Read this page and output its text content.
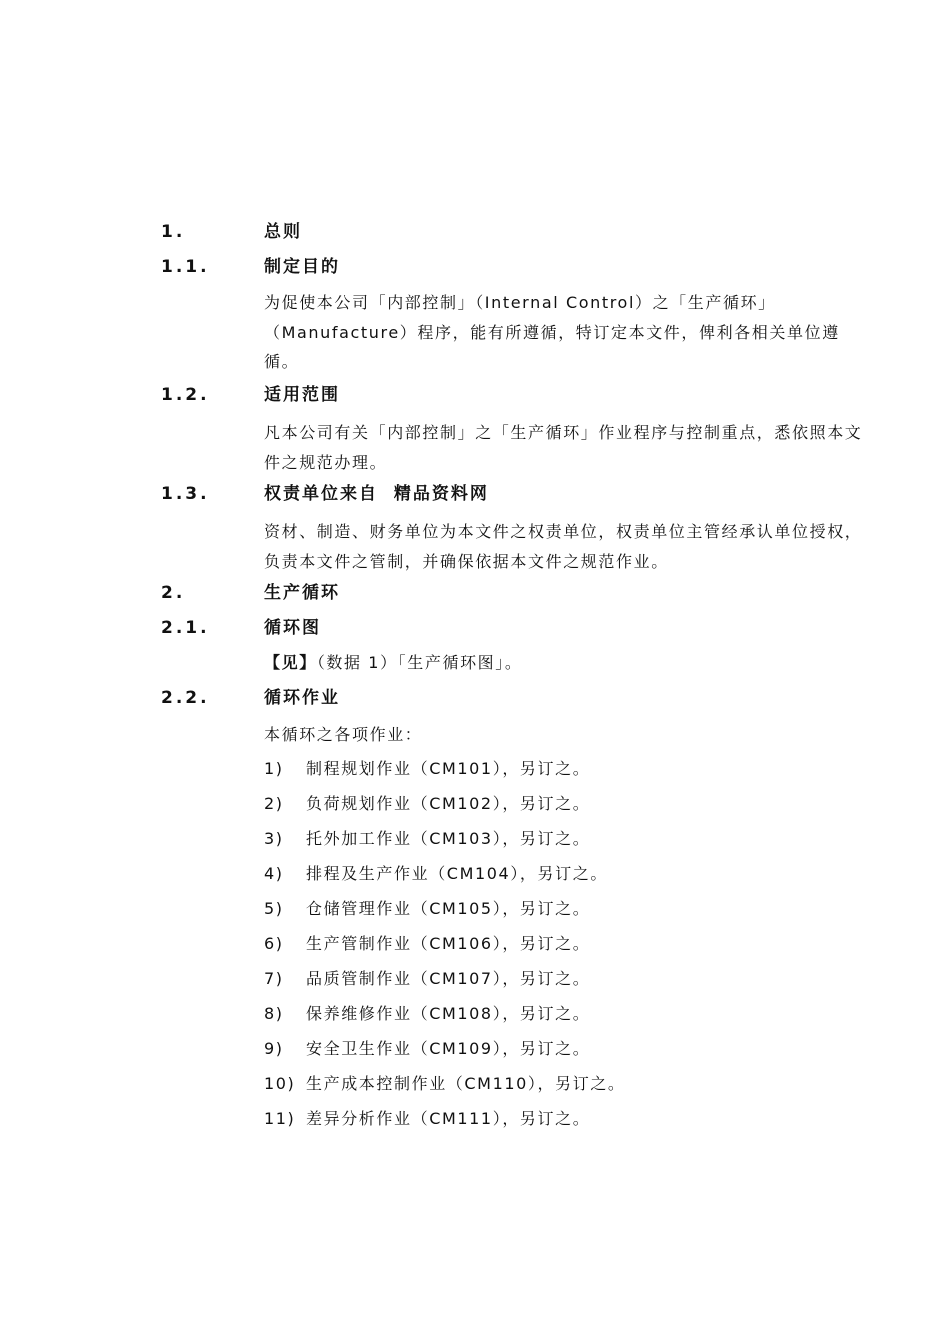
1.	总则
1.1.	制定目的
为促使本公司「内部控制」（Internal Control）之「生产循环」（Manufacture）程序，能有所遵循，特订定本文件，俾利各相关单位遵循。
1.2.	适用范围
凡本公司有关「内部控制」之「生产循环」作业程序与控制重点，悉依照本文件之规范办理。
1.3.	权责单位来自  精品资料网
资材、制造、财务单位为本文件之权责单位，权责单位主管经承认单位授权，负责本文件之管制，并确保依据本文件之规范作业。
2.	生产循环
2.1.	循环图
【见】（数据 1）「生产循环图」。
2.2.	循环作业
本循环之各项作业：
1) 制程规划作业（CM101），另订之。
2) 负荷规划作业（CM102），另订之。
3) 托外加工作业（CM103），另订之。
4) 排程及生产作业（CM104），另订之。
5) 仓储管理作业（CM105），另订之。
6) 生产管制作业（CM106），另订之。
7) 品质管制作业（CM107），另订之。
8) 保养维修作业（CM108），另订之。
9) 安全卫生作业（CM109），另订之。
10) 生产成本控制作业（CM110），另订之。
11) 差异分析作业（CM111），另订之。
